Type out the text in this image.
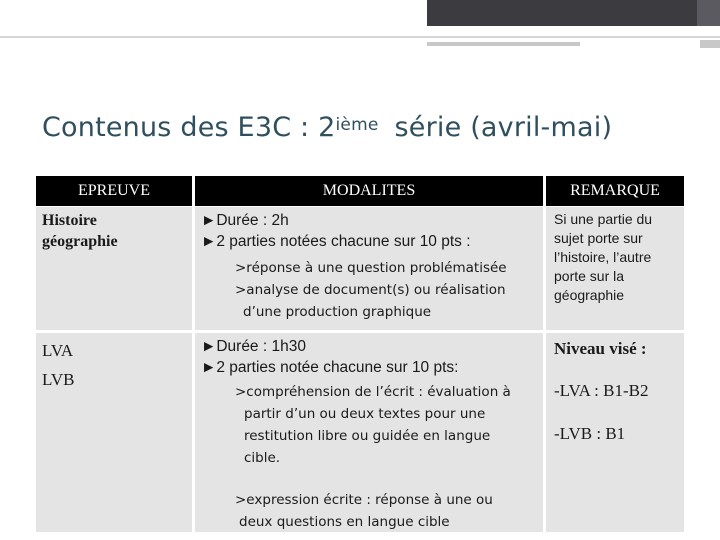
Contenus des E3C : 2ième série (avril-mai)
EPREUVE	MODALITES	REMARQUE
Histoire
géographie
►Durée : 2h
►2 parties notées chacune sur 10 pts :
>réponse à une question problématisée
>analyse de document(s) ou réalisation
d’une production graphique
Si une partie du
sujet porte sur
l’histoire, l’autre
porte sur la
géographie
LVA
LVB
►Durée : 1h30
►2 parties notée chacune sur 10 pts:
>compréhension de l’écrit : évaluation à
partir d’un ou deux textes pour une
restitution libre ou guidée en langue
cible.
>expression écrite : réponse à une ou
deux questions en langue cible
Niveau visé :
-LVA : B1-B2
-LVB : B1
